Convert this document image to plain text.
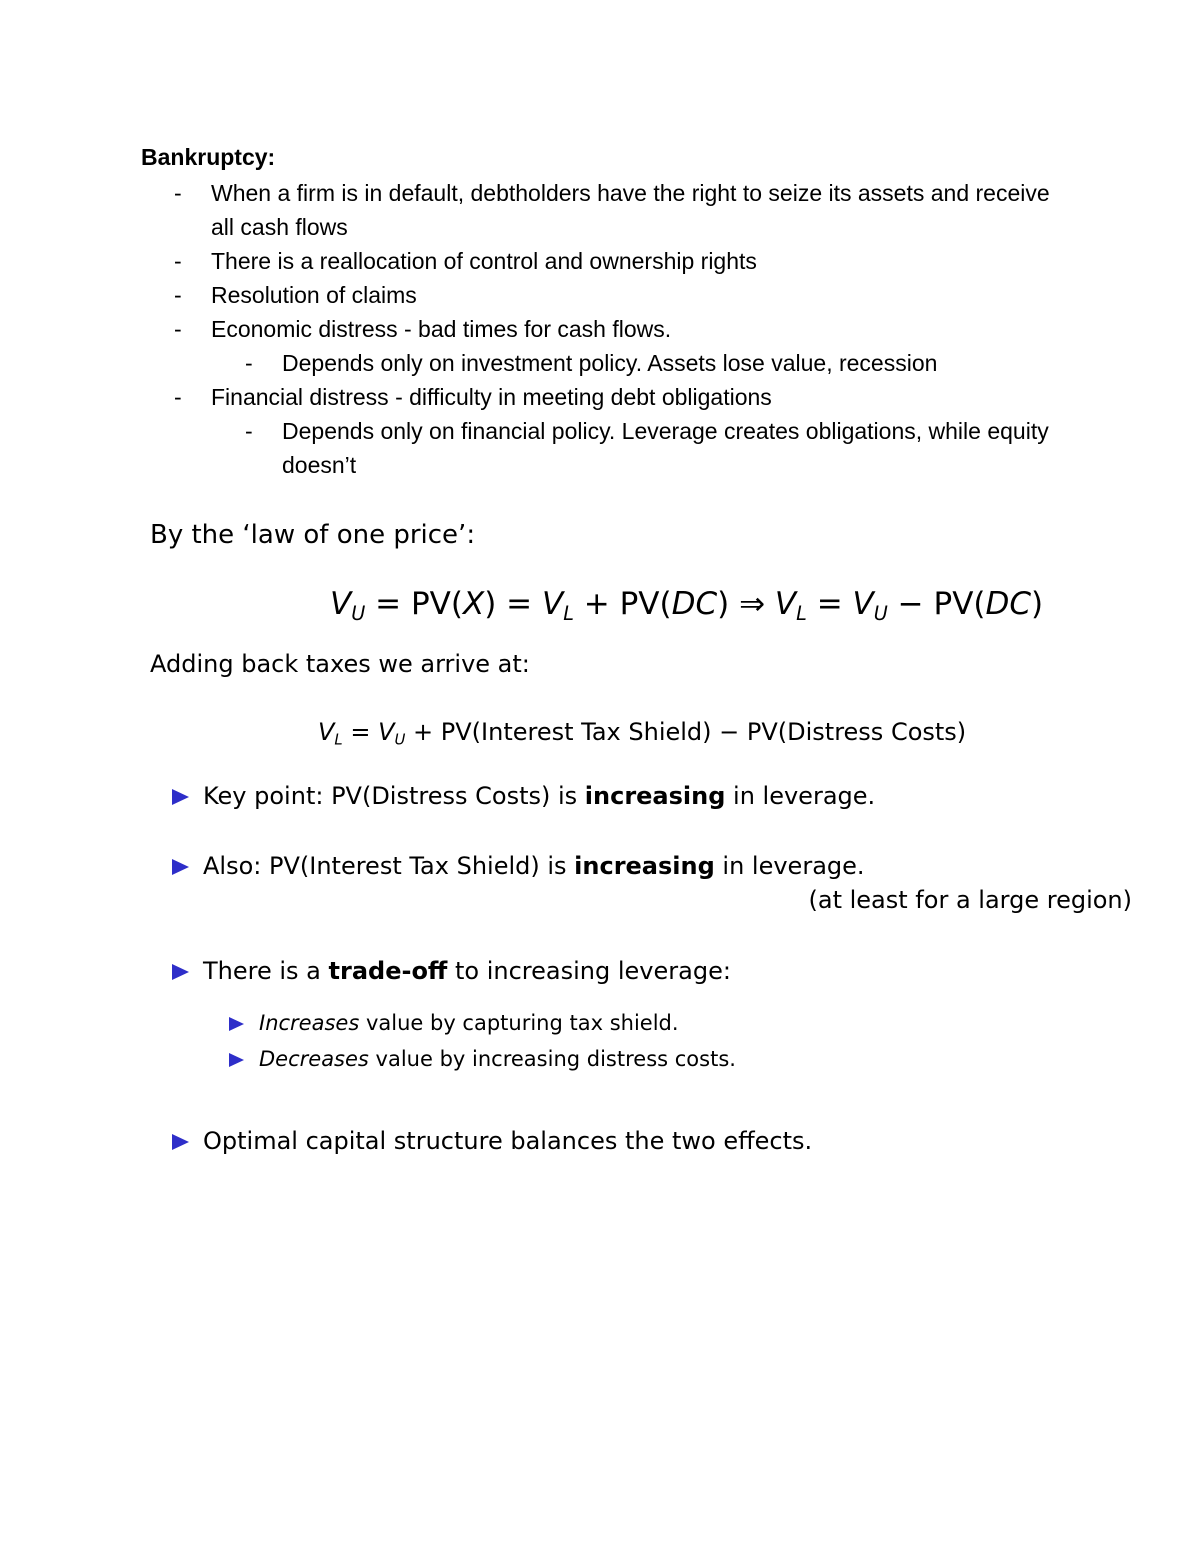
Bankruptcy:
- When a firm is in default, debtholders have the right to seize its assets and receive all cash flows
- There is a reallocation of control and ownership rights
- Resolution of claims
- Economic distress - bad times for cash flows.
- Depends only on investment policy. Assets lose value, recession
- Financial distress - difficulty in meeting debt obligations
- Depends only on financial policy. Leverage creates obligations, while equity doesn’t
By the ‘law of one price’:
$V_U = PV(X) = V_L + PV(DC)$ ⇒ $V_L = V_U - PV(DC)$
Adding back taxes we arrive at:
$V_L = V_U$ + PV(Interest Tax Shield) − PV(Distress Costs)
Key point: PV(Distress Costs) is increasing in leverage.
Also: PV(Interest Tax Shield) is increasing in leverage.
(at least for a large region)
There is a trade-off to increasing leverage:
Increases value by capturing tax shield.
Decreases value by increasing distress costs.
Optimal capital structure balances the two effects.
